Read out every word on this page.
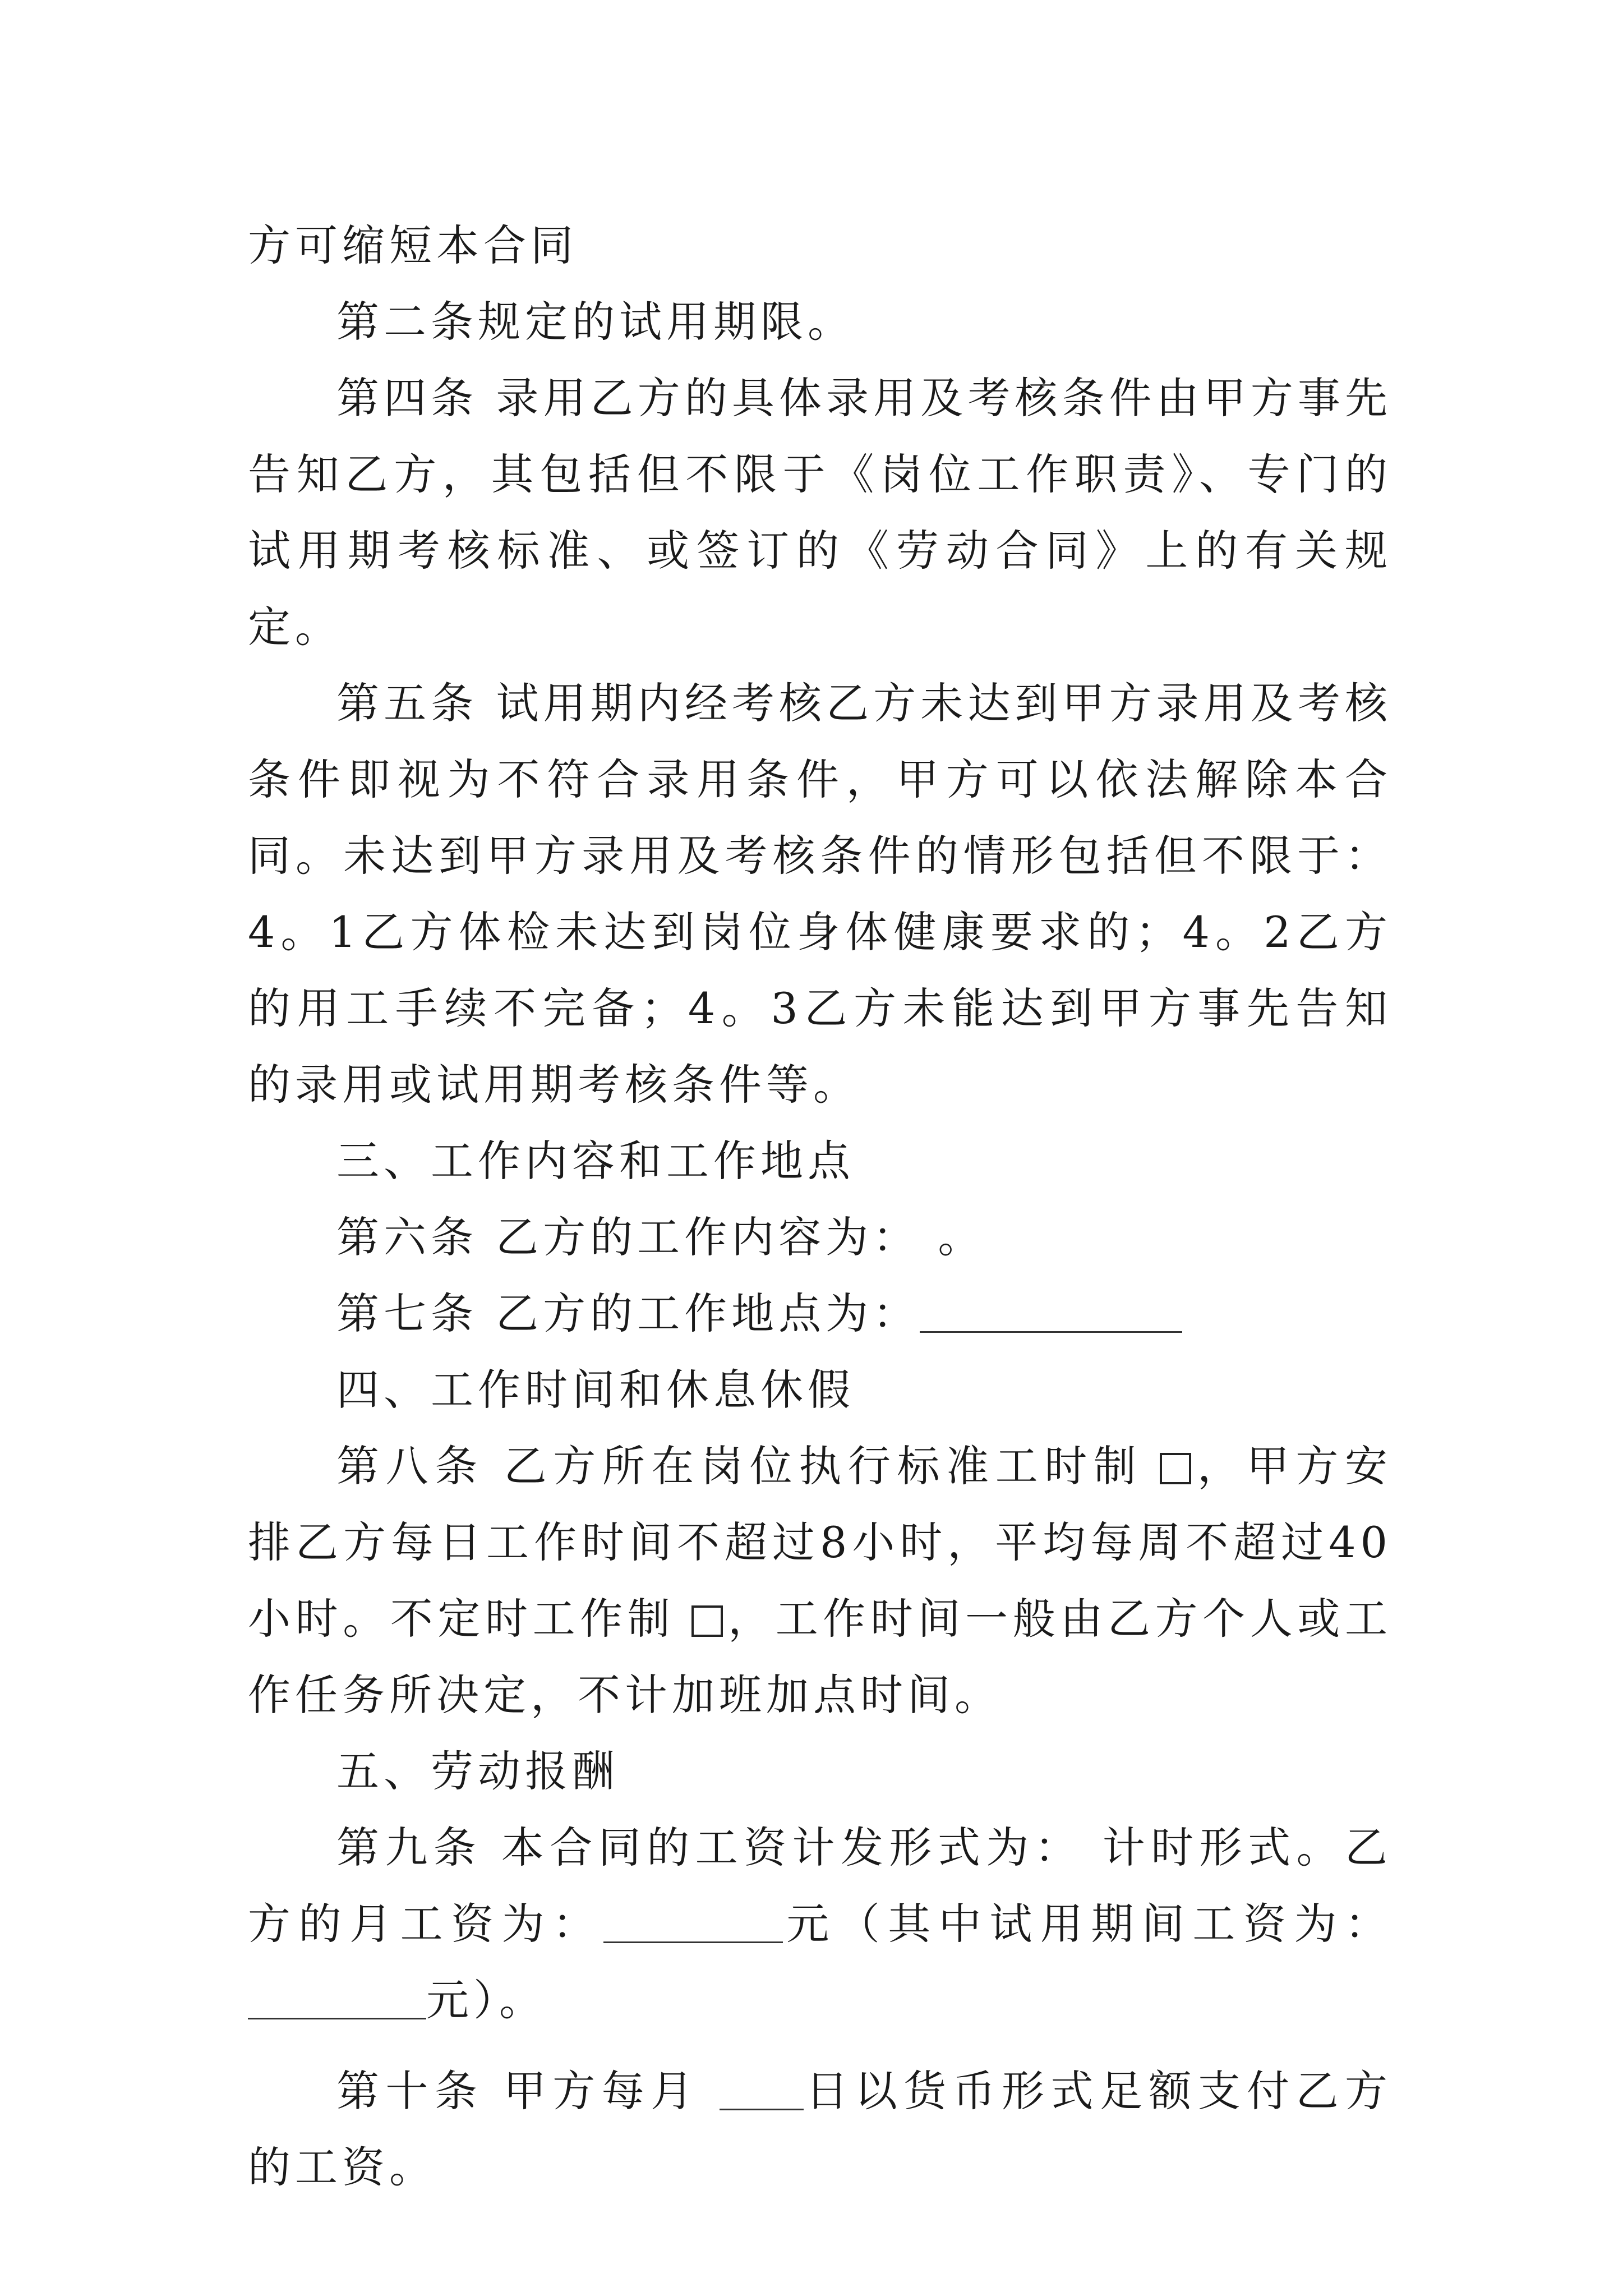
方可缩短本合同

第二条规定的试用期限。

第四条 录用乙方的具体录用及考核条件由甲方事先告知乙方，其包括但不限于《岗位工作职责》、专门的试用期考核标准、或签订的《劳动合同》上的有关规定。

第五条 试用期内经考核乙方未达到甲方录用及考核条件即视为不符合录用条件，甲方可以依法解除本合同。未达到甲方录用及考核条件的情形包括但不限于：4。1乙方体检未达到岗位身体健康要求的；4。2乙方的用工手续不完备；4。3乙方未能达到甲方事先告知的录用或试用期考核条件等。

三、工作内容和工作地点

第六条 乙方的工作内容为： 。

第七条 乙方的工作地点为：

四、工作时间和休息休假

第八条 乙方所在岗位执行标准工时制 ，甲方安排乙方每日工作时间不超过8小时，平均每周不超过40小时。不定时工作制 ，工作时间一般由乙方个人或工作任务所决定，不计加班加点时间。

五、劳动报酬

第九条 本合同的工资计发形式为： 计时形式。乙方的月工资为：	元（其中试用期间工资为：元）。

第十条 甲方每月 日以货币形式足额支付乙方的工资。
